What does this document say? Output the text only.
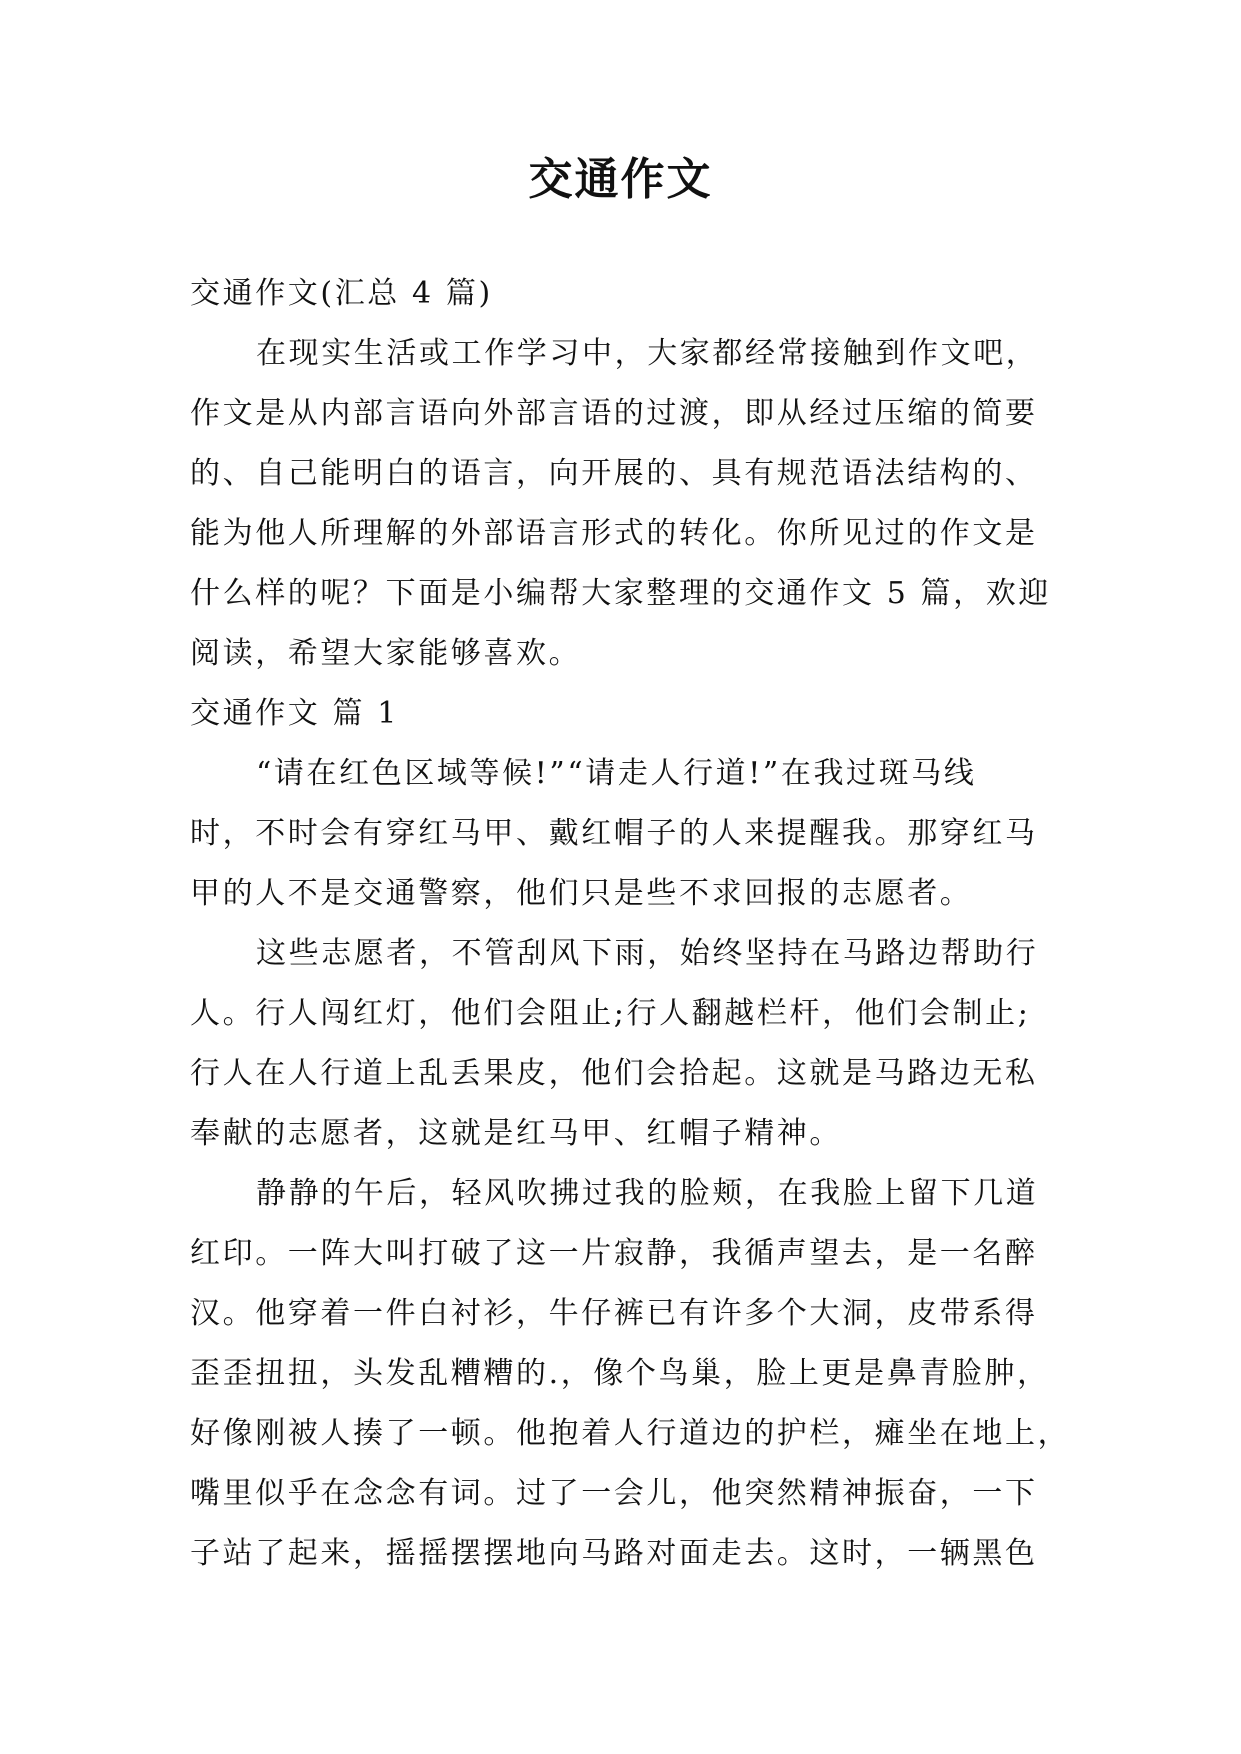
交通作文

交通作文(汇总 4 篇)

在现实生活或工作学习中，大家都经常接触到作文吧，

作文是从内部言语向外部言语的过渡，即从经过压缩的简要

的、自己能明白的语言，向开展的、具有规范语法结构的、

能为他人所理解的外部语言形式的转化。你所见过的作文是

什么样的呢？下面是小编帮大家整理的交通作文 5 篇，欢迎

阅读，希望大家能够喜欢。

交通作文 篇 1

“请在红色区域等候!”“请走人行道!”在我过斑马线

时，不时会有穿红马甲、戴红帽子的人来提醒我。那穿红马

甲的人不是交通警察，他们只是些不求回报的志愿者。

这些志愿者，不管刮风下雨，始终坚持在马路边帮助行

人。行人闯红灯，他们会阻止;行人翻越栏杆，他们会制止;

行人在人行道上乱丢果皮，他们会拾起。这就是马路边无私

奉献的志愿者，这就是红马甲、红帽子精神。

静静的午后，轻风吹拂过我的脸颊，在我脸上留下几道

红印。一阵大叫打破了这一片寂静，我循声望去，是一名醉

汉。他穿着一件白衬衫，牛仔裤已有许多个大洞，皮带系得

歪歪扭扭，头发乱糟糟的.，像个鸟巢，脸上更是鼻青脸肿，

好像刚被人揍了一顿。他抱着人行道边的护栏，瘫坐在地上，

嘴里似乎在念念有词。过了一会儿，他突然精神振奋，一下

子站了起来，摇摇摆摆地向马路对面走去。这时，一辆黑色
